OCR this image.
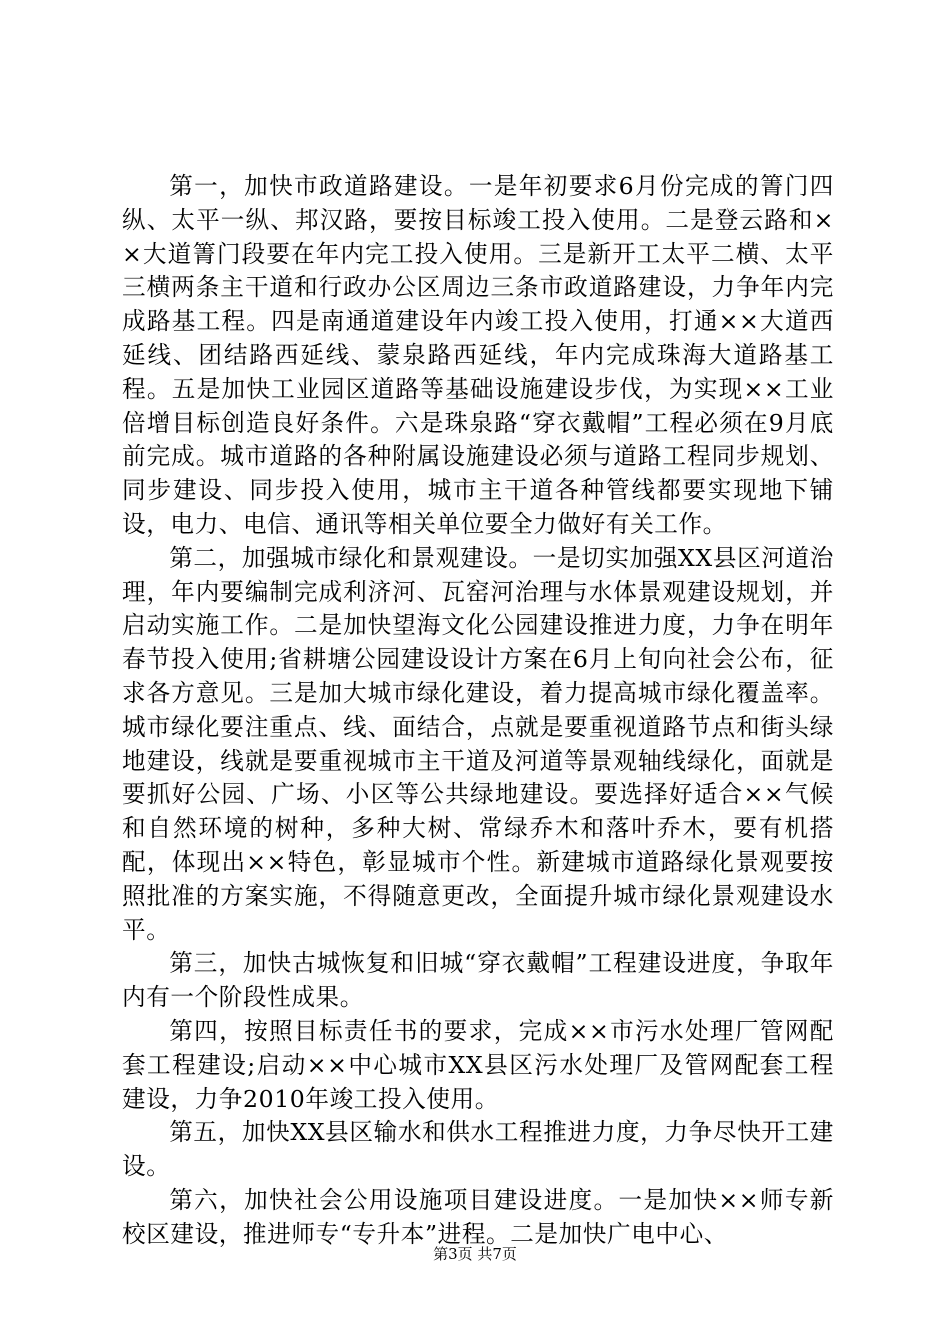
第一，加快市政道路建设。一是年初要求6月份完成的箐门四纵、太平一纵、邦汉路，要按目标竣工投入使用。二是登云路和××大道箐门段要在年内完工投入使用。三是新开工太平二横、太平三横两条主干道和行政办公区周边三条市政道路建设，力争年内完成路基工程。四是南通道建设年内竣工投入使用，打通××大道西延线、团结路西延线、蒙泉路西延线，年内完成珠海大道路基工程。五是加快工业园区道路等基础设施建设步伐，为实现××工业倍增目标创造良好条件。六是珠泉路“穿衣戴帽”工程必须在9月底前完成。城市道路的各种附属设施建设必须与道路工程同步规划、同步建设、同步投入使用，城市主干道各种管线都要实现地下铺设，电力、电信、通讯等相关单位要全力做好有关工作。

第二，加强城市绿化和景观建设。一是切实加强XX县区河道治理，年内要编制完成利济河、瓦窑河治理与水体景观建设规划，并启动实施工作。二是加快望海文化公园建设推进力度，力争在明年春节投入使用;省耕塘公园建设设计方案在6月上旬向社会公布，征求各方意见。三是加大城市绿化建设，着力提高城市绿化覆盖率。城市绿化要注重点、线、面结合，点就是要重视道路节点和街头绿地建设，线就是要重视城市主干道及河道等景观轴线绿化，面就是要抓好公园、广场、小区等公共绿地建设。要选择好适合××气候和自然环境的树种，多种大树、常绿乔木和落叶乔木，要有机搭配，体现出××特色，彰显城市个性。新建城市道路绿化景观要按照批准的方案实施，不得随意更改，全面提升城市绿化景观建设水平。

第三，加快古城恢复和旧城“穿衣戴帽”工程建设进度，争取年内有一个阶段性成果。

第四，按照目标责任书的要求，完成××市污水处理厂管网配套工程建设;启动××中心城市XX县区污水处理厂及管网配套工程建设，力争2010年竣工投入使用。

第五，加快XX县区输水和供水工程推进力度，力争尽快开工建设。

第六，加快社会公用设施项目建设进度。一是加快××师专新校区建设，推进师专“专升本”进程。二是加快广电中心、

第3页 共7页
